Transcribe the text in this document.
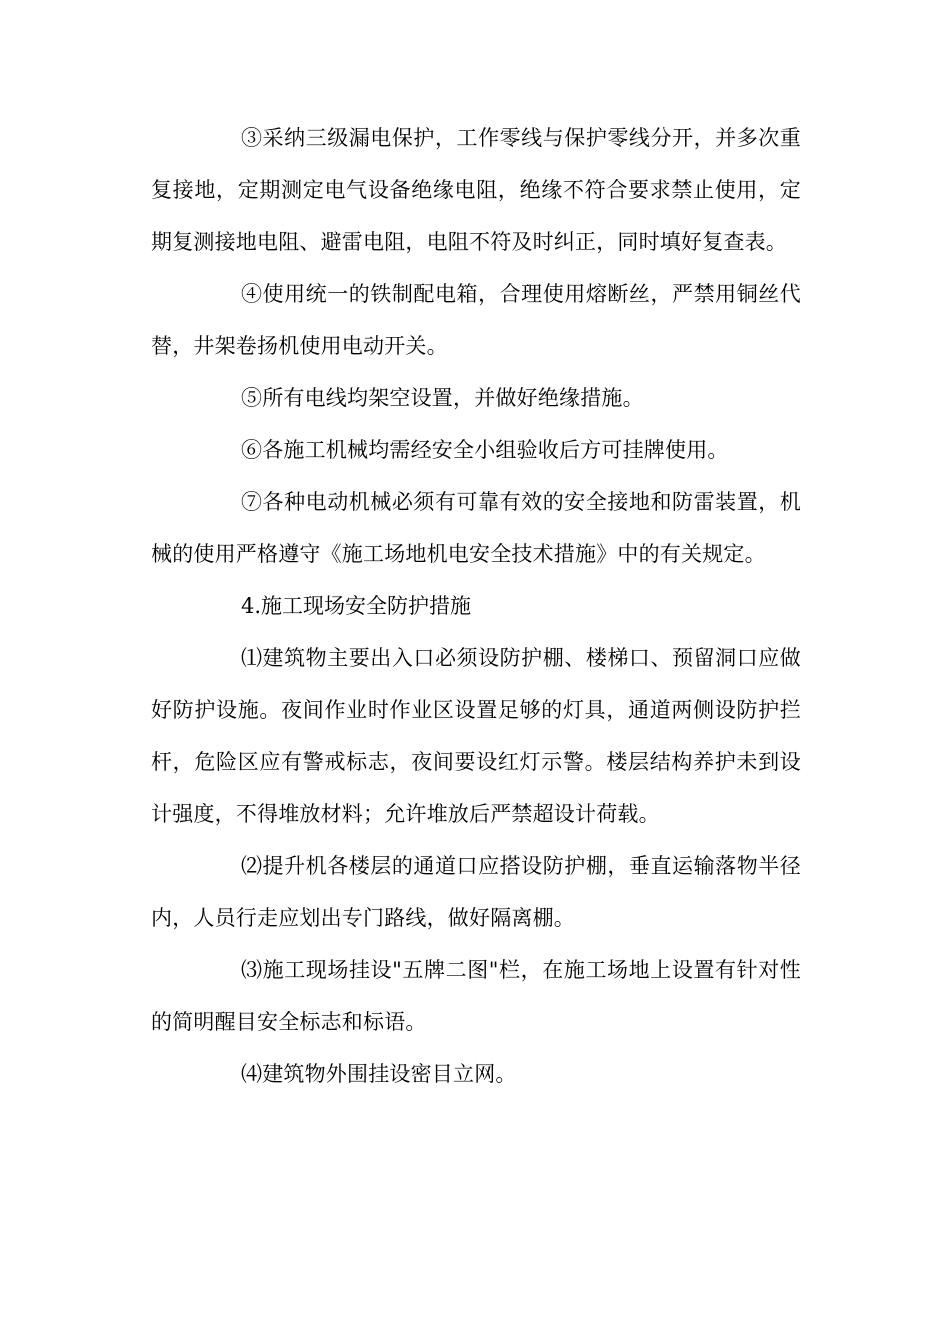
③采纳三级漏电保护，工作零线与保护零线分开，并多次重复接地，定期测定电气设备绝缘电阻，绝缘不符合要求禁止使用，定期复测接地电阻、避雷电阻，电阻不符及时纠正，同时填好复查表。

④使用统一的铁制配电箱，合理使用熔断丝，严禁用铜丝代替，井架卷扬机使用电动开关。

⑤所有电线均架空设置，并做好绝缘措施。

⑥各施工机械均需经安全小组验收后方可挂牌使用。

⑦各种电动机械必须有可靠有效的安全接地和防雷装置，机械的使用严格遵守《施工场地机电安全技术措施》中的有关规定。

4.施工现场安全防护措施

⑴建筑物主要出入口必须设防护棚、楼梯口、预留洞口应做好防护设施。夜间作业时作业区设置足够的灯具，通道两侧设防护拦杆，危险区应有警戒标志，夜间要设红灯示警。楼层结构养护未到设计强度，不得堆放材料；允许堆放后严禁超设计荷载。

⑵提升机各楼层的通道口应搭设防护棚，垂直运输落物半径内，人员行走应划出专门路线，做好隔离棚。

⑶施工现场挂设"五牌二图"栏，在施工场地上设置有针对性的简明醒目安全标志和标语。

⑷建筑物外围挂设密目立网。
